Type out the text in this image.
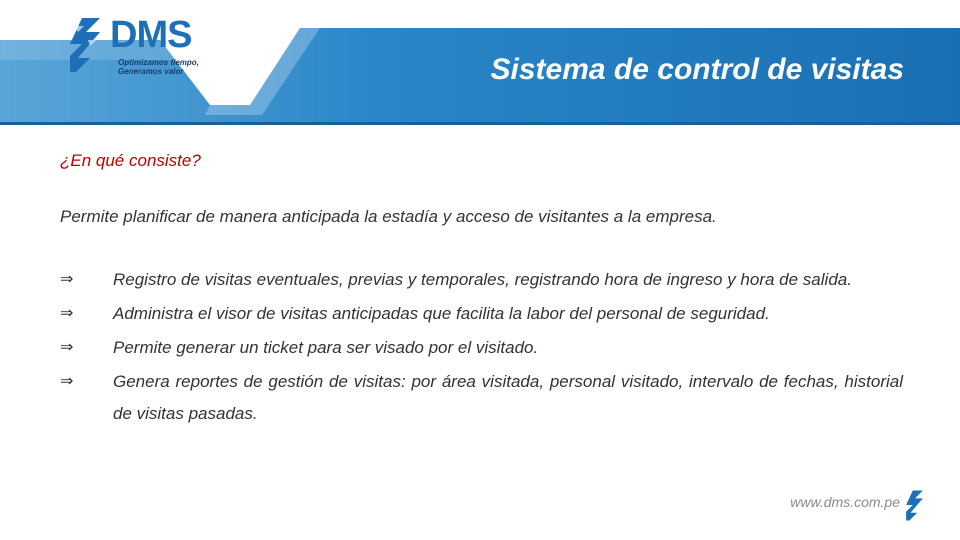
DMS
Optimizamos tiempo,
Generamos valor	Sistema de control de visitas

¿En qué consiste?

Permite planificar de manera anticipada la estadía y acceso de visitantes a la empresa.

⇒ Registro de visitas eventuales, previas y temporales, registrando hora de ingreso y hora de salida.
⇒ Administra el visor de visitas anticipadas que facilita la labor del personal de seguridad.
⇒ Permite generar un ticket para ser visado por el visitado.
⇒ Genera reportes de gestión de visitas: por área visitada, personal visitado, intervalo de fechas, historial de visitas pasadas.
www.dms.com.pe
